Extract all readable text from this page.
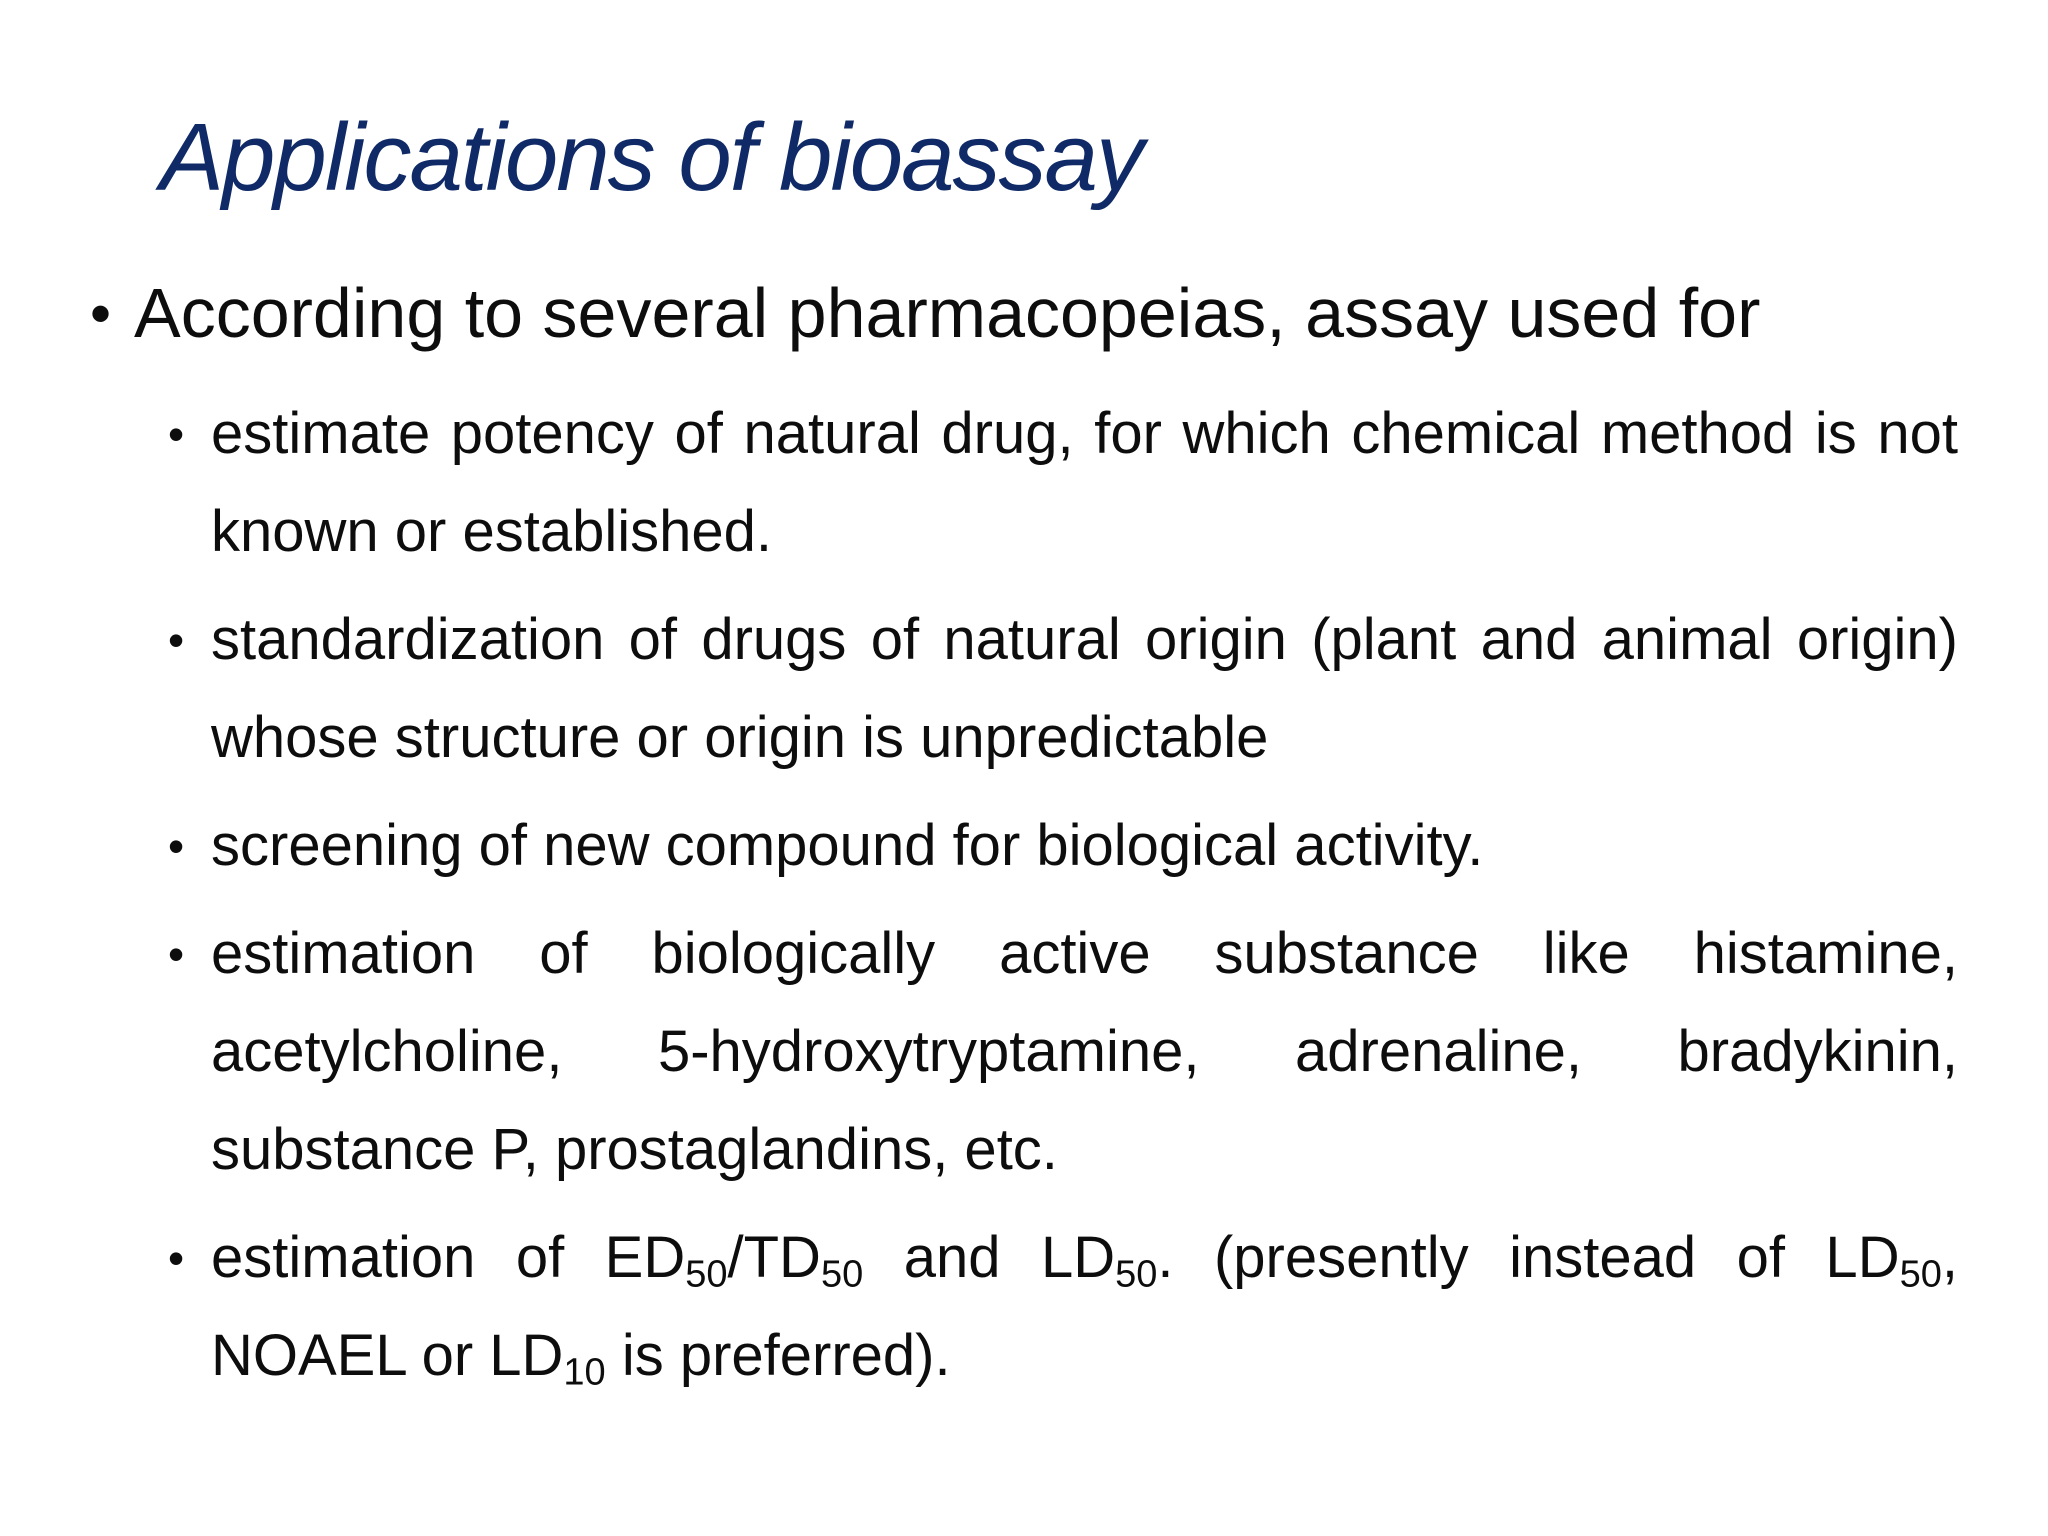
Applications of bioassay
• According to several pharmacopeias, assay used for
• estimate potency of natural drug, for which chemical method is not known or established.
• standardization of drugs of natural origin (plant and animal origin) whose structure or origin is unpredictable
• screening of new compound for biological activity.
• estimation of biologically active substance like histamine, acetylcholine, 5-hydroxytryptamine, adrenaline, bradykinin, substance P, prostaglandins, etc.
• estimation of $ED_{50}/TD_{50}$ and $LD_{50}$. (presently instead of $LD_{50}$, NOAEL or $LD_{10}$ is preferred).
